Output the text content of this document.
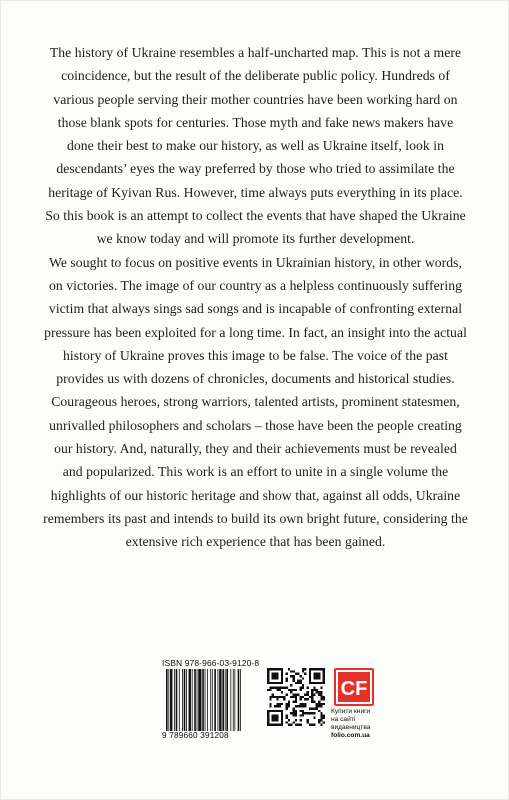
The history of Ukraine resembles a half-uncharted map. This is not a mere coincidence, but the result of the deliberate public policy. Hundreds of various people serving their mother countries have been working hard on those blank spots for centuries. Those myth and fake news makers have done their best to make our history, as well as Ukraine itself, look in descendants’ eyes the way preferred by those who tried to assimilate the heritage of Kyivan Rus. However, time always puts everything in its place. So this book is an attempt to collect the events that have shaped the Ukraine we know today and will promote its further development.

We sought to focus on positive events in Ukrainian history, in other words, on victories. The image of our country as a helpless continuously suffering victim that always sings sad songs and is incapable of confronting external pressure has been exploited for a long time. In fact, an insight into the actual history of Ukraine proves this image to be false. The voice of the past provides us with dozens of chronicles, documents and historical studies. Courageous heroes, strong warriors, talented artists, prominent statesmen, unrivalled philosophers and scholars – those have been the people creating our history. And, naturally, they and their achievements must be revealed and popularized. This work is an effort to unite in a single volume the highlights of our historic heritage and show that, against all odds, Ukraine remembers its past and intends to build its own bright future, considering the extensive rich experience that has been gained.

ISBN 978-966-03-9120-8
9 789660 391208
CF
Купити книги
на сайті
видавництва
folio.com.ua
